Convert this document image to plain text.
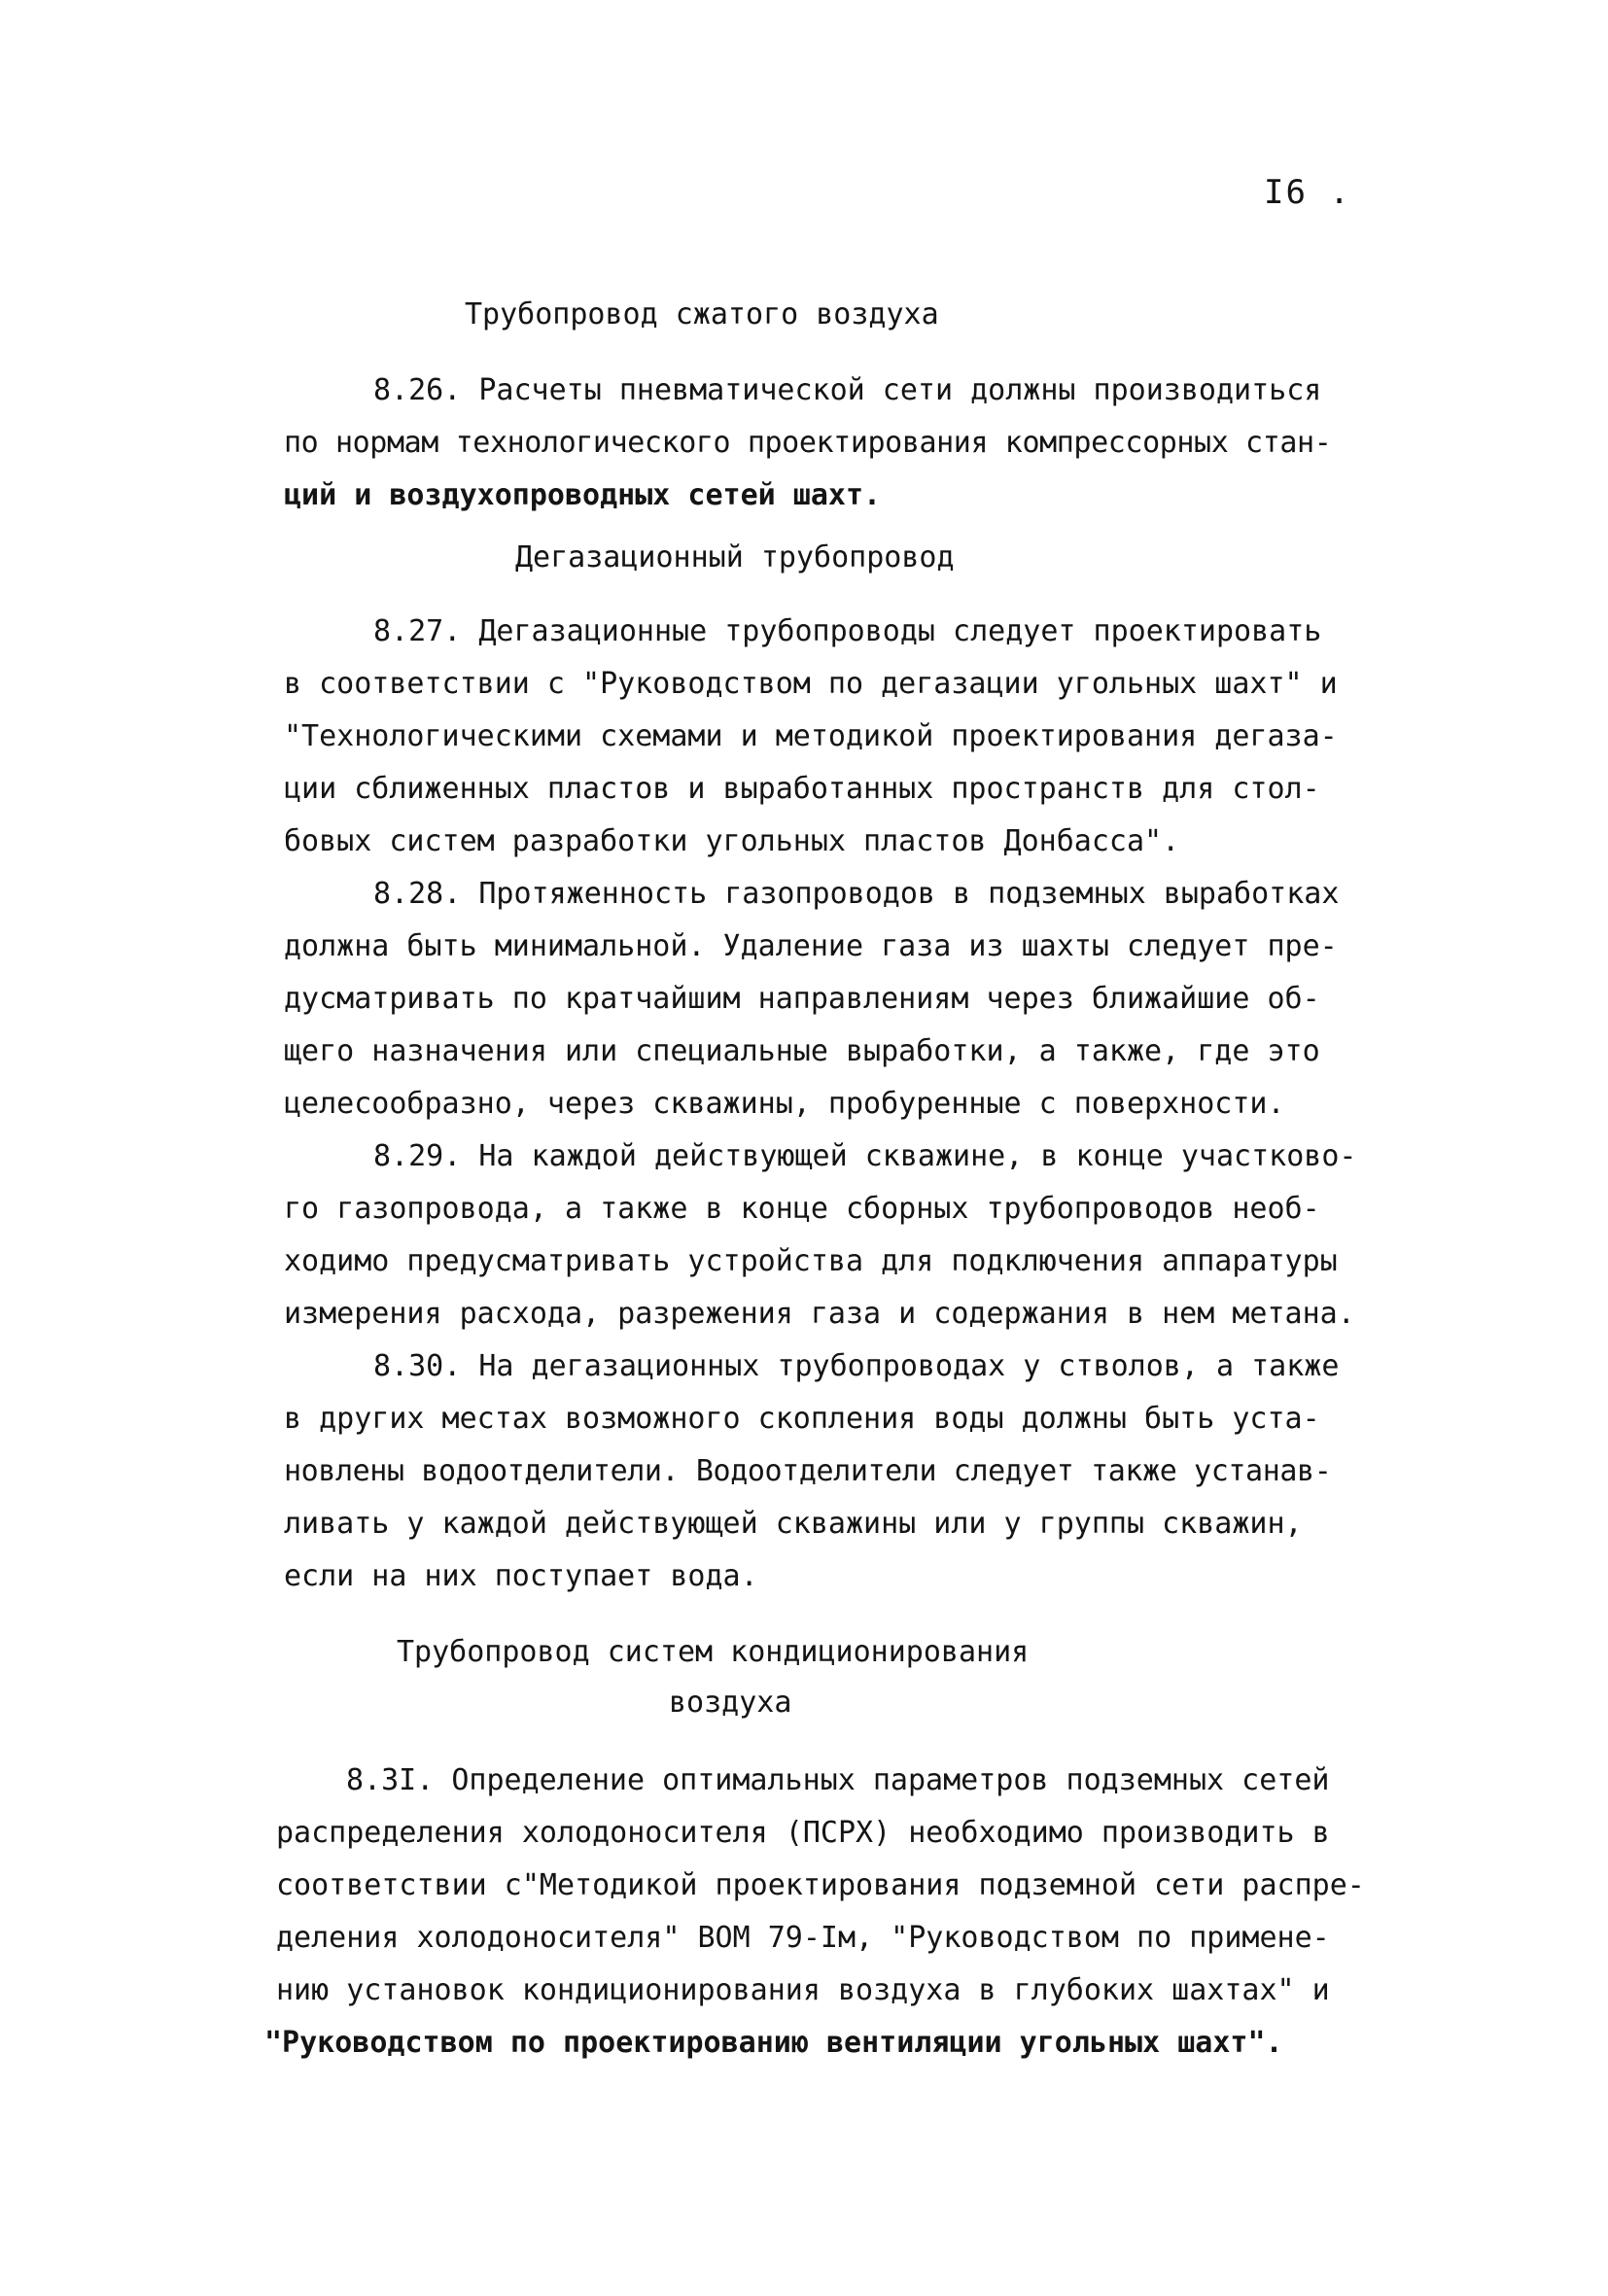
I6 .
Трубопровод сжатого воздуха
8.26. Расчеты пневматической сети должны производиться
по нормам технологического проектирования компрессорных стан-
ций и воздухопроводных сетей шахт.
Дегазационный трубопровод
8.27. Дегазационные трубопроводы следует проектировать
в соответствии с "Руководством по дегазации угольных шахт" и
"Технологическими схемами и методикой проектирования дегаза-
ции сближенных пластов и выработанных пространств для стол-
бовых систем разработки угольных пластов Донбасса".
8.28. Протяженность газопроводов в подземных выработках
должна быть минимальной. Удаление газа из шахты следует пре-
дусматривать по кратчайшим направлениям через ближайшие об-
щего назначения или специальные выработки, а также, где это
целесообразно, через скважины, пробуренные с поверхности.
8.29. На каждой действующей скважине, в конце участково-
го газопровода, а также в конце сборных трубопроводов необ-
ходимо предусматривать устройства для подключения аппаратуры
измерения расхода, разрежения газа и содержания в нем метана.
8.30. На дегазационных трубопроводах у стволов, а также
в других местах возможного скопления воды должны быть уста-
новлены водоотделители. Водоотделители следует также устанав-
ливать у каждой действующей скважины или у группы скважин,
если на них поступает вода.
Трубопровод систем кондиционирования
воздуха
8.3I. Определение оптимальных параметров подземных сетей
распределения холодоносителя (ПСРХ) необходимо производить в
соответствии с"Методикой проектирования подземной сети распре-
деления холодоносителя" ВОМ 79-Iм, "Руководством по примене-
нию установок кондиционирования воздуха в глубоких шахтах" и
"Руководством по проектированию вентиляции угольных шахт".
